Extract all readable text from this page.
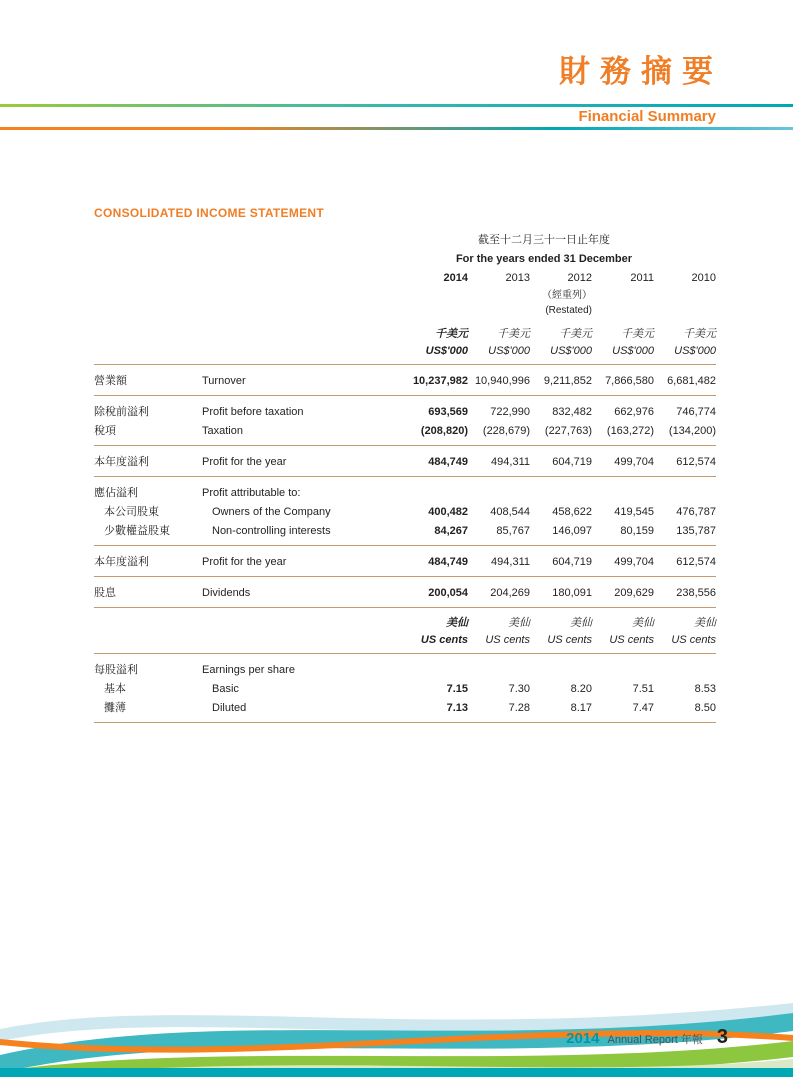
財務摘要
Financial Summary
CONSOLIDATED INCOME STATEMENT
截至十二月三十一日止年度
For the years ended 31 December
2014	2013	2012	2011	2010
（經重列）
(Restated)
千美元	千美元	千美元	千美元	千美元
US$'000	US$'000	US$'000	US$'000	US$'000
營業額	Turnover	10,237,982 10,940,996	9,211,852	7,866,580	6,681,482
除稅前溢利	Profit before taxation	693,569	722,990	832,482	662,976	746,774
稅項	Taxation	(208,820)	(228,679)	(227,763)	(163,272)	(134,200)
本年度溢利	Profit for the year	484,749	494,311	604,719	499,704	612,574
應佔溢利	Profit attributable to:
本公司股東	Owners of the Company	400,482	408,544	458,622	419,545	476,787
少數權益股東	Non-controlling interests	84,267	85,767	146,097	80,159	135,787
本年度溢利	Profit for the year	484,749	494,311	604,719	499,704	612,574
股息	Dividends	200,054	204,269	180,091	209,629	238,556
美仙	美仙	美仙	美仙	美仙
US cents	US cents	US cents	US cents	US cents
每股溢利	Earnings per share
基本	Basic	7.15	7.30	8.20	7.51	8.53
攤薄	Diluted	7.13	7.28	8.17	7.47	8.50
2014 Annual Report 年報 3
